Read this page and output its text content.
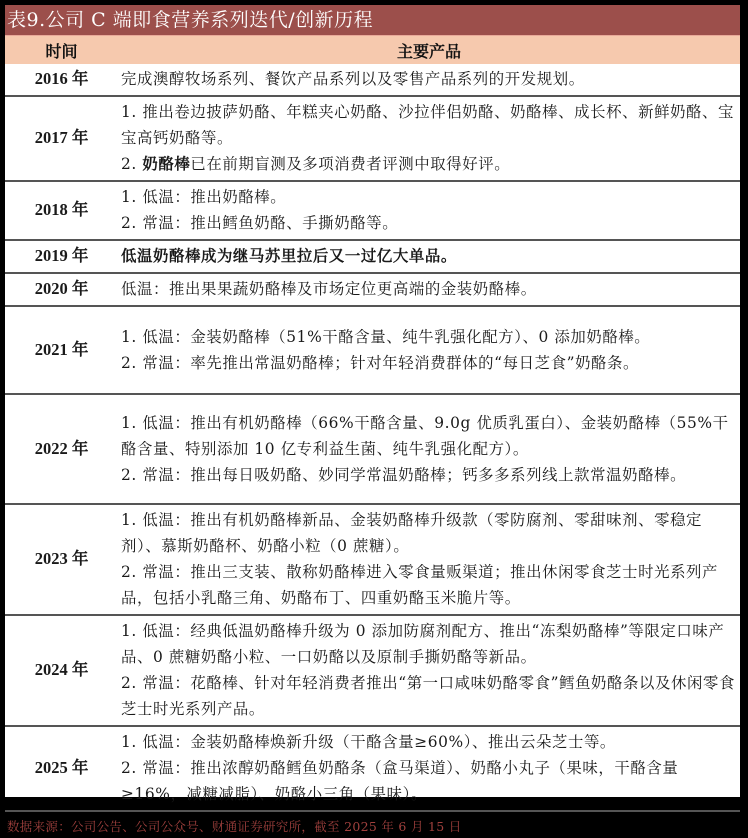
表9.公司 C 端即食营养系列迭代/创新历程
时间	主要产品
2016 年	完成澳醇牧场系列、餐饮产品系列以及零售产品系列的开发规划。

2017 年	1. 推出卷边披萨奶酪、年糕夹心奶酪、沙拉伴侣奶酪、奶酪棒、成长杯、新鲜奶酪、宝宝高钙奶酪等。
2. 奶酪棒已在前期盲测及多项消费者评测中取得好评。

2018 年	1. 低温：推出奶酪棒。
2. 常温：推出鳕鱼奶酪、手撕奶酪等。

2019 年	低温奶酪棒成为继马苏里拉后又一过亿大单品。

2020 年	低温：推出果果蔬奶酪棒及市场定位更高端的金装奶酪棒。

2021 年	1. 低温：金装奶酪棒（51%干酪含量、纯牛乳强化配方）、0 添加奶酪棒。
2. 常温：率先推出常温奶酪棒；针对年轻消费群体的“每日芝食”奶酪条。

2022 年	1. 低温：推出有机奶酪棒（66%干酪含量、9.0g 优质乳蛋白）、金装奶酪棒（55%干酪含量、特别添加 10 亿专利益生菌、纯牛乳强化配方）。
2. 常温：推出每日吸奶酪、妙同学常温奶酪棒；钙多多系列线上款常温奶酪棒。

2023 年	1. 低温：推出有机奶酪棒新品、金装奶酪棒升级款（零防腐剂、零甜味剂、零稳定剂）、慕斯奶酪杯、奶酪小粒（0 蔗糖）。
2. 常温：推出三支装、散称奶酪棒进入零食量贩渠道；推出休闲零食芝士时光系列产品，包括小乳酪三角、奶酪布丁、四重奶酪玉米脆片等。

2024 年	1. 低温：经典低温奶酪棒升级为 0 添加防腐剂配方、推出“冻梨奶酪棒”等限定口味产品、0 蔗糖奶酪小粒、一口奶酪以及原制手撕奶酪等新品。
2. 常温：花酪棒、针对年轻消费者推出“第一口咸味奶酪零食”鳕鱼奶酪条以及休闲零食芝士时光系列产品。

2025 年	1. 低温：金装奶酪棒焕新升级（干酪含量≥60%）、推出云朵芝士等。
2. 常温：推出浓醇奶酪鳕鱼奶酪条（盒马渠道）、奶酪小丸子（果味，干酪含量≥16%，减糖减脂）、奶酪小三角（果味）。
数据来源：公司公告、公司公众号、财通证券研究所，截至 2025 年 6 月 15 日
